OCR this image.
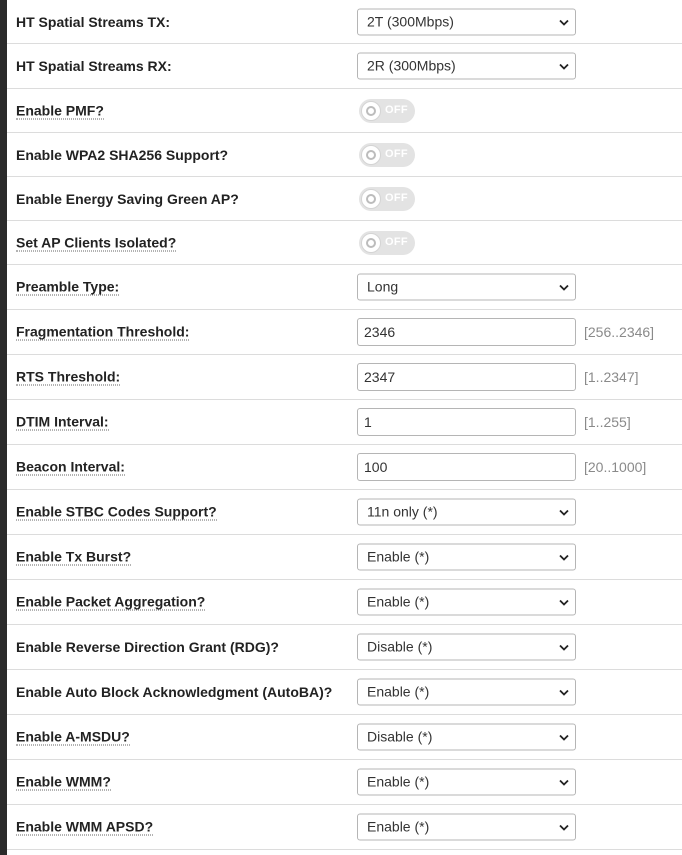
HT Spatial Streams TX:	2T (300Mbps)
HT Spatial Streams RX:	2R (300Mbps)
Enable PMF?	OFF
Enable WPA2 SHA256 Support?	OFF
Enable Energy Saving Green AP?	OFF
Set AP Clients Isolated?	OFF
Preamble Type:	Long
Fragmentation Threshold:	2346	[256..2346]
RTS Threshold:	2347	[1..2347]
DTIM Interval:	1	[1..255]
Beacon Interval:	100	[20..1000]
Enable STBC Codes Support?	11n only (*)
Enable Tx Burst?	Enable (*)
Enable Packet Aggregation?	Enable (*)
Enable Reverse Direction Grant (RDG)?	Disable (*)
Enable Auto Block Acknowledgment (AutoBA)?	Enable (*)
Enable A-MSDU?	Disable (*)
Enable WMM?	Enable (*)
Enable WMM APSD?	Enable (*)
